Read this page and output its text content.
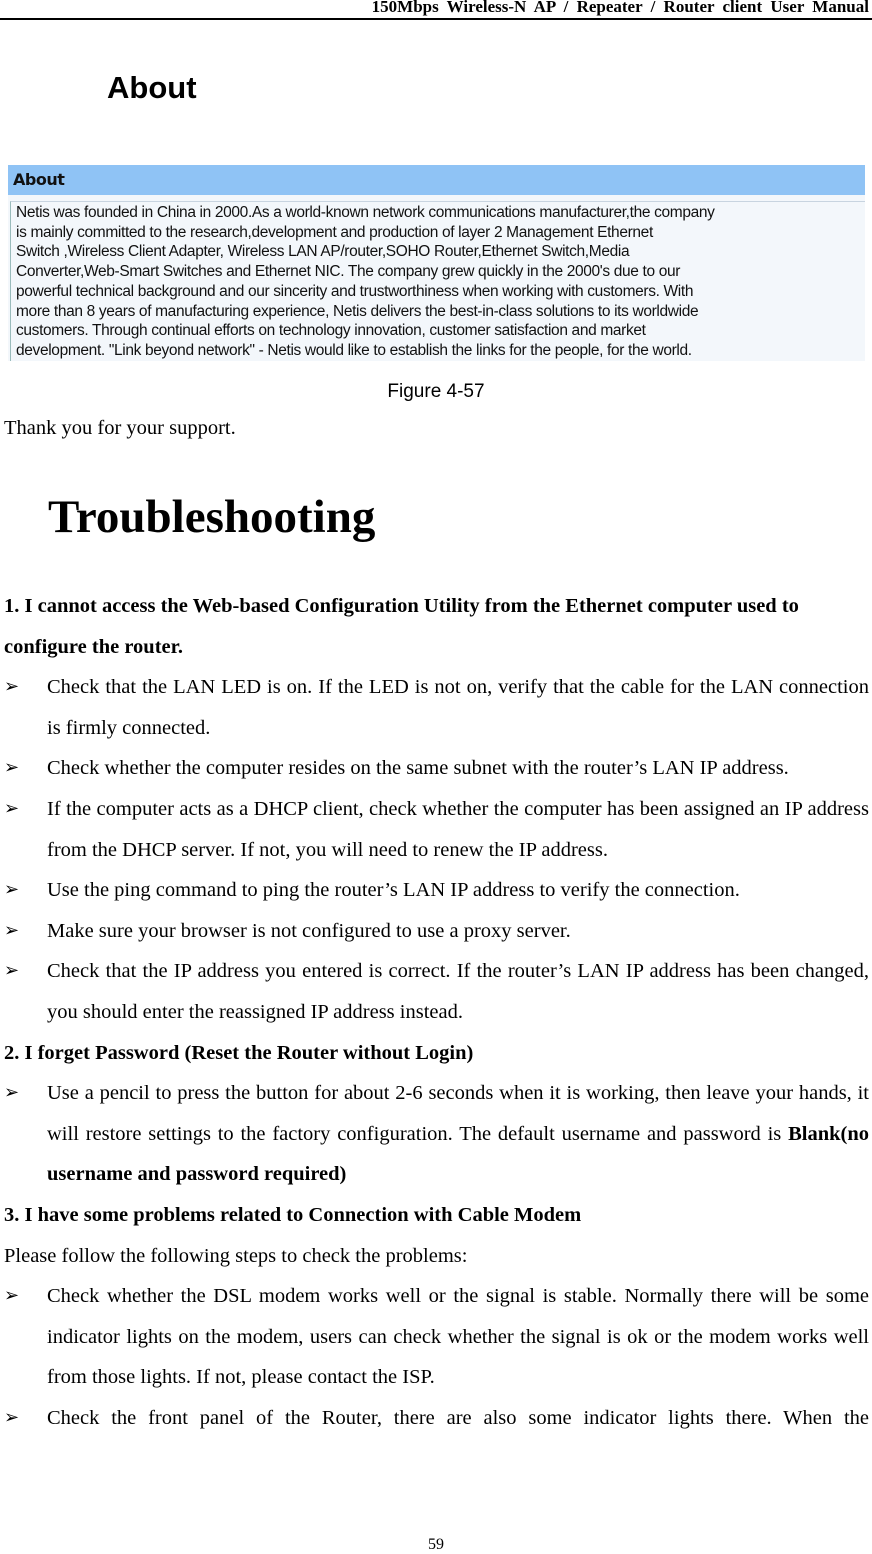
150Mbps Wireless-N AP / Repeater / Router client User Manual
About
About
Netis was founded in China in 2000.As a world-known network communications manufacturer,the company
is mainly committed to the research,development and production of layer 2 Management Ethernet
Switch ,Wireless Client Adapter, Wireless LAN AP/router,SOHO Router,Ethernet Switch,Media
Converter,Web-Smart Switches and Ethernet NIC. The company grew quickly in the 2000's due to our
powerful technical background and our sincerity and trustworthiness when working with customers. With
more than 8 years of manufacturing experience, Netis delivers the best-in-class solutions to its worldwide
customers. Through continual efforts on technology innovation, customer satisfaction and market
development. "Link beyond network" - Netis would like to establish the links for the people, for the world.
Figure 4-57
Thank you for your support.
Troubleshooting

1. I cannot access the Web-based Configuration Utility from the Ethernet computer used to configure the router.

➢ Check that the LAN LED is on. If the LED is not on, verify that the cable for the LAN connection is firmly connected.

➢ Check whether the computer resides on the same subnet with the router’s LAN IP address.

➢ If the computer acts as a DHCP client, check whether the computer has been assigned an IP address from the DHCP server. If not, you will need to renew the IP address.

➢ Use the ping command to ping the router’s LAN IP address to verify the connection.

➢ Make sure your browser is not configured to use a proxy server.

➢ Check that the IP address you entered is correct. If the router’s LAN IP address has been changed, you should enter the reassigned IP address instead.

2. I forget Password (Reset the Router without Login)

➢ Use a pencil to press the button for about 2-6 seconds when it is working, then leave your hands, it will restore settings to the factory configuration. The default username and password is Blank(no username and password required)

3. I have some problems related to Connection with Cable Modem

Please follow the following steps to check the problems:

➢ Check whether the DSL modem works well or the signal is stable. Normally there will be some indicator lights on the modem, users can check whether the signal is ok or the modem works well from those lights. If not, please contact the ISP.

➢ Check the front panel of the Router, there are also some indicator lights there. When the

59
